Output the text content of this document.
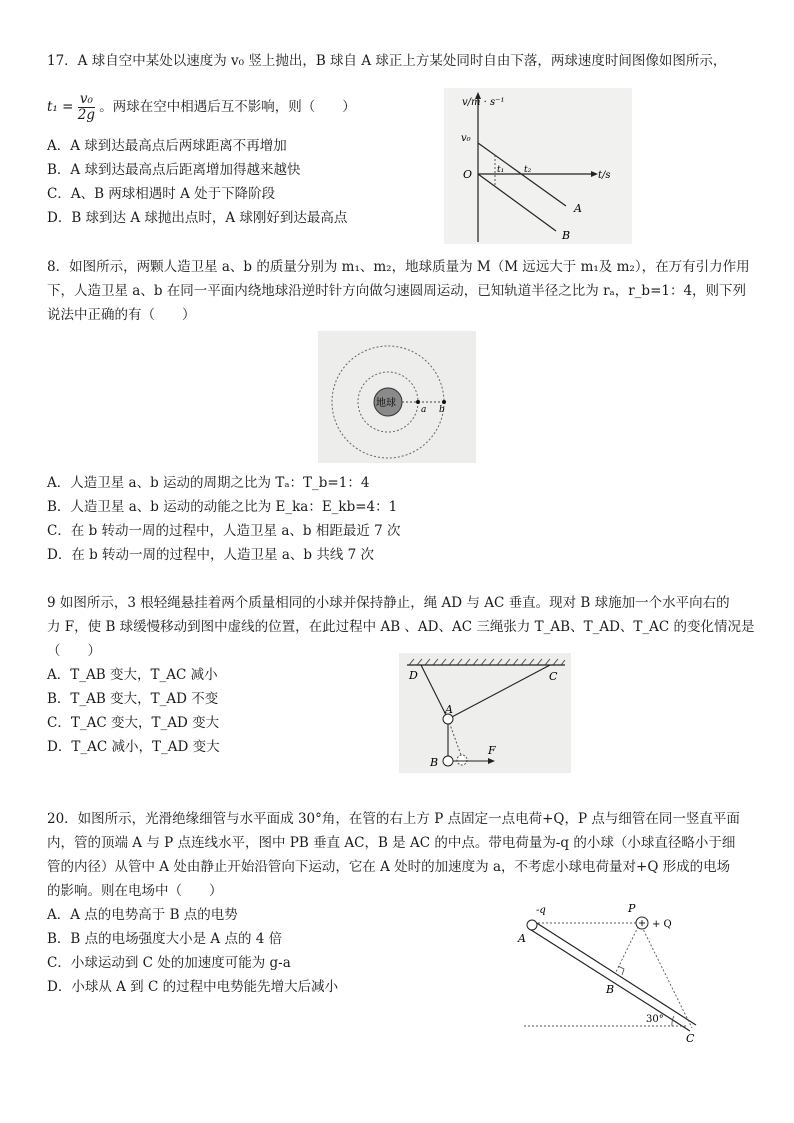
17．A 球自空中某处以速度为 v₀ 竖上抛出，B 球自 A 球正上方某处同时自由下落，两球速度时间图像如图所示，
$t_1 = \frac{\text{v₀}}{2g}$ 。两球在空中相遇后互不影响，则（　　）
A．A 球到达最高点后两球距离不再增加
B．A 球到达最高点后距离增加得越来越快
C．A、B 两球相遇时 A 处于下降阶段
D．B 球到达 A 球抛出点时，A 球刚好到达最高点
v/m · s⁻¹
v₀
O	t₁ t₂	t/s
A
B
8．如图所示，两颗人造卫星 a、b 的质量分别为 m₁、m₂，地球质量为 M（M 远远大于 m₁及 m₂），在万有引力作用
下，人造卫星 a、b 在同一平面内绕地球沿逆时针方向做匀速圆周运动，已知轨道半径之比为 rₐ，r_b=1：4，则下列
说法中正确的有（　　）
地球
a b
A．人造卫星 a、b 运动的周期之比为 Tₐ：T_b=1：4
B．人造卫星 a、b 运动的动能之比为 E_ka：E_kb=4：1
C．在 b 转动一周的过程中，人造卫星 a、b 相距最近 7 次
D．在 b 转动一周的过程中，人造卫星 a、b 共线 7 次
9 如图所示，3 根轻绳悬挂着两个质量相同的小球并保持静止，绳 AD 与 AC 垂直。现对 B 球施加一个水平向右的
力 F，使 B 球缓慢移动到图中虚线的位置，在此过程中 AB 、AD、AC 三绳张力 T_AB、T_AD、T_AC 的变化情况是
（　　）
A．T_AB 变大，T_AC 减小
B．T_AB 变大，T_AD 不变
C．T_AC 变大，T_AD 变大
D．T_AC 减小，T_AD 变大
D	C
A
B
F
20．如图所示，光滑绝缘细管与水平面成 30°角，在管的右上方 P 点固定一点电荷+Q，P 点与细管在同一竖直平面
内，管的顶端 A 与 P 点连线水平，图中 PB 垂直 AC，B 是 AC 的中点。带电荷量为-q 的小球（小球直径略小于细
管的内径）从管中 A 处由静止开始沿管向下运动，它在 A 处时的加速度为 a，不考虑小球电荷量对+Q 形成的电场
的影响。则在电场中（　　）
A．A 点的电势高于 B 点的电势
B．B 点的电场强度大小是 A 点的 4 倍
C．小球运动到 C 处的加速度可能为 g-a
D．小球从 A 到 C 的过程中电势能先增大后减小
-q	P
+ Q
A
B
C
30°
